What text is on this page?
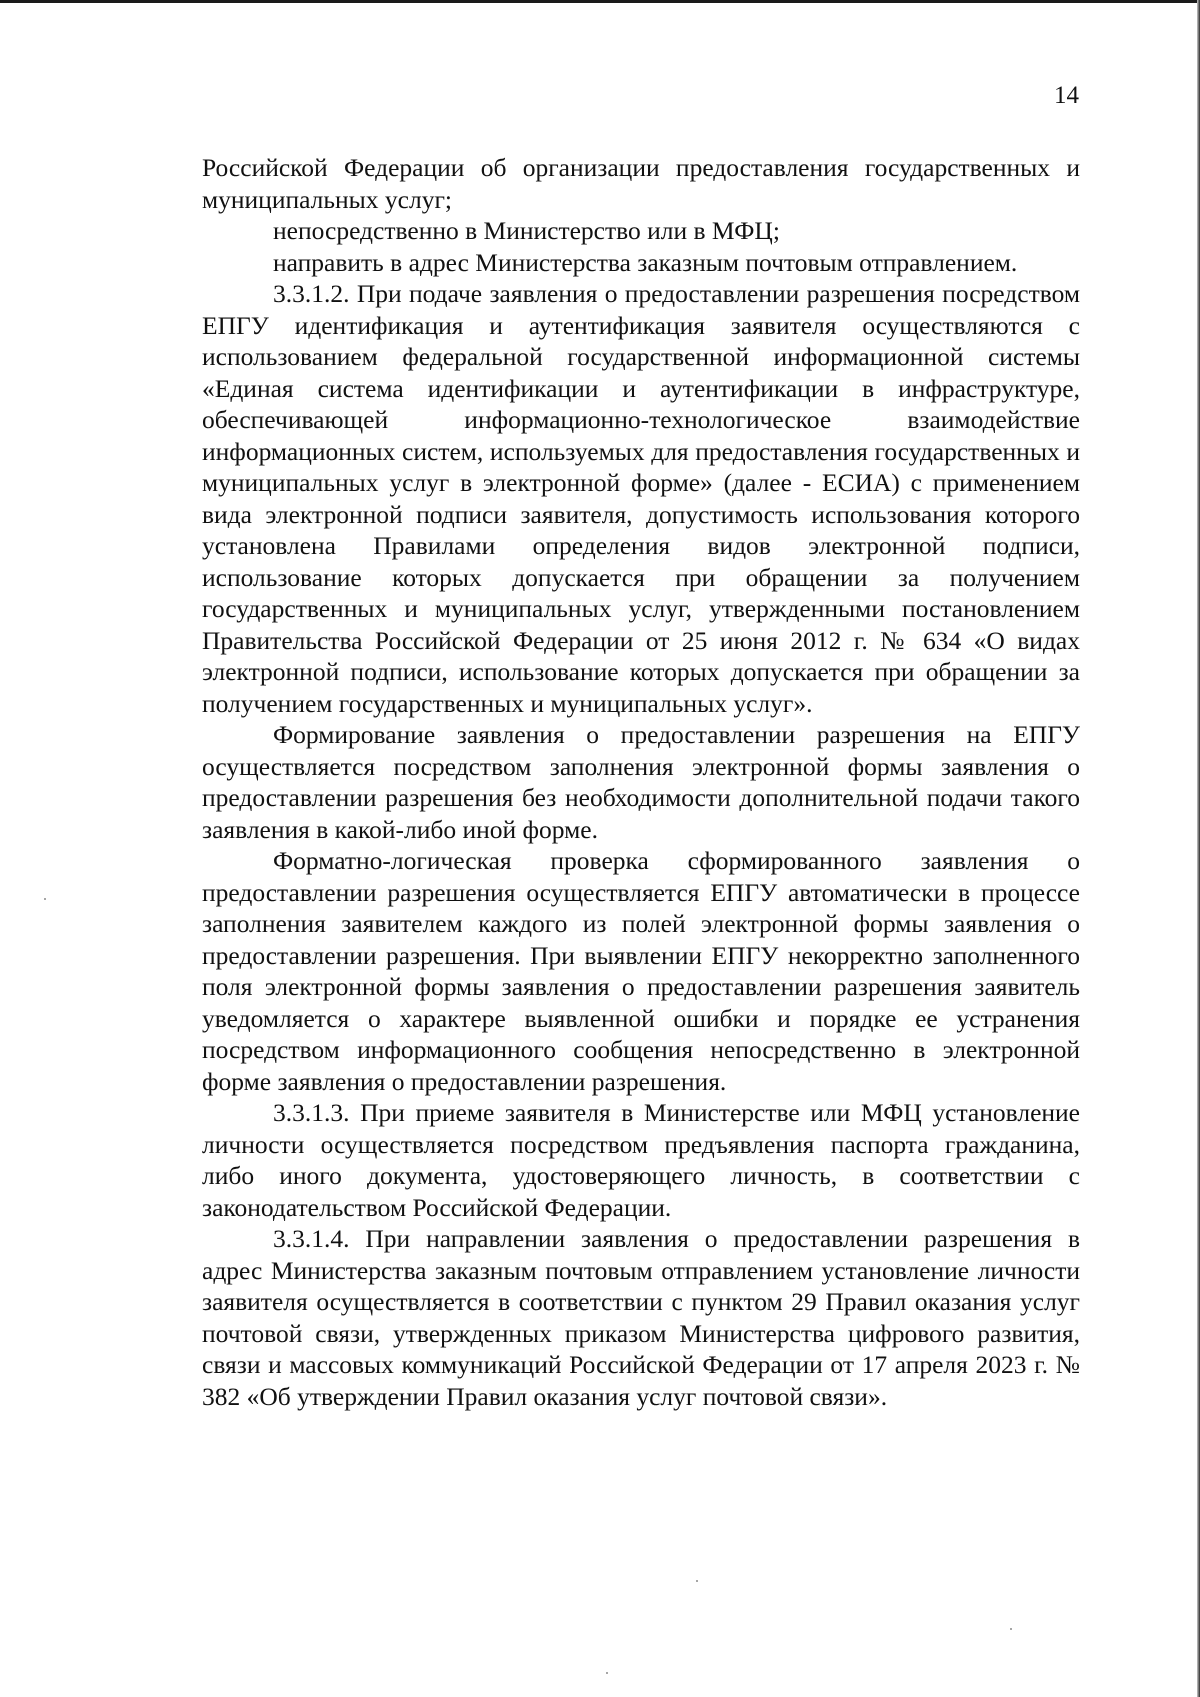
14

Российской Федерации об организации предоставления государственных и муниципальных услуг;

непосредственно в Министерство или в МФЦ;

направить в адрес Министерства заказным почтовым отправлением.

3.3.1.2. При подаче заявления о предоставлении разрешения посредством ЕПГУ идентификация и аутентификация заявителя осуществляются с использованием федеральной государственной информационной системы «Единая система идентификации и аутентификации в инфраструктуре, обеспечивающей информационно-технологическое взаимодействие информационных систем, используемых для предоставления государственных и муниципальных услуг в электронной форме» (далее - ЕСИА) с применением вида электронной подписи заявителя, допустимость использования которого установлена Правилами определения видов электронной подписи, использование которых допускается при обращении за получением государственных и муниципальных услуг, утвержденными постановлением Правительства Российской Федерации от 25 июня 2012 г. № 634 «О видах электронной подписи, использование которых допускается при обращении за получением государственных и муниципальных услуг».

Формирование заявления о предоставлении разрешения на ЕПГУ осуществляется посредством заполнения электронной формы заявления о предоставлении разрешения без необходимости дополнительной подачи такого заявления в какой-либо иной форме.

Форматно-логическая проверка сформированного заявления о предоставлении разрешения осуществляется ЕПГУ автоматически в процессе заполнения заявителем каждого из полей электронной формы заявления о предоставлении разрешения. При выявлении ЕПГУ некорректно заполненного поля электронной формы заявления о предоставлении разрешения заявитель уведомляется о характере выявленной ошибки и порядке ее устранения посредством информационного сообщения непосредственно в электронной форме заявления о предоставлении разрешения.

3.3.1.3. При приеме заявителя в Министерстве или МФЦ установление личности осуществляется посредством предъявления паспорта гражданина, либо иного документа, удостоверяющего личность, в соответствии с законодательством Российской Федерации.

3.3.1.4. При направлении заявления о предоставлении разрешения в адрес Министерства заказным почтовым отправлением установление личности заявителя осуществляется в соответствии с пунктом 29 Правил оказания услуг почтовой связи, утвержденных приказом Министерства цифрового развития, связи и массовых коммуникаций Российской Федерации от 17 апреля 2023 г. № 382 «Об утверждении Правил оказания услуг почтовой связи».
